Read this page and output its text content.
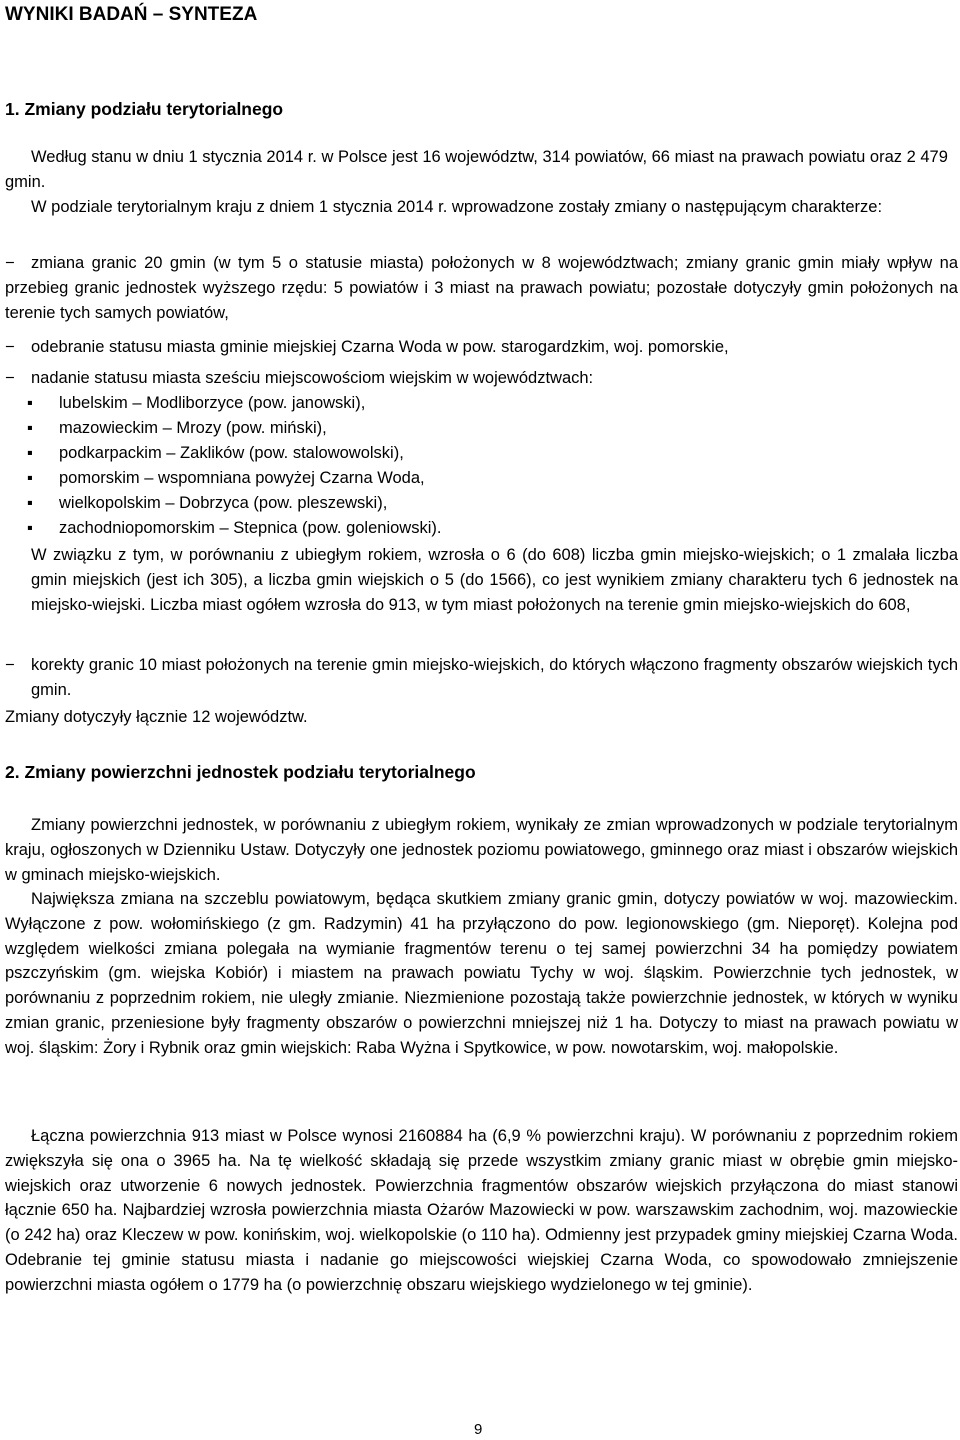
WYNIKI BADAŃ – SYNTEZA
1. Zmiany podziału terytorialnego

Według stanu w dniu 1 stycznia 2014 r. w Polsce jest 16 województw, 314 powiatów, 66 miast na prawach powiatu oraz 2 479 gmin.

W podziale terytorialnym kraju z dniem 1 stycznia 2014 r. wprowadzone zostały zmiany o następującym charakterze:

− zmiana granic 20 gmin (w tym 5 o statusie miasta) położonych w 8 województwach; zmiany granic gmin miały wpływ na przebieg granic jednostek wyższego rzędu: 5 powiatów i 3 miast na prawach powiatu; pozostałe dotyczyły gmin położonych na terenie tych samych powiatów,
− odebranie statusu miasta gminie miejskiej Czarna Woda w pow. starogardzkim, woj. pomorskie,
− nadanie statusu miasta sześciu miejscowościom wiejskim w województwach:
▪ lubelskim – Modliborzyce (pow. janowski),
▪ mazowieckim – Mrozy (pow. miński),
▪ podkarpackim – Zaklików (pow. stalowowolski),
▪ pomorskim – wspomniana powyżej Czarna Woda,
▪ wielkopolskim – Dobrzyca (pow. pleszewski),
▪ zachodniopomorskim – Stepnica (pow. goleniowski).

W związku z tym, w porównaniu z ubiegłym rokiem, wzrosła o 6 (do 608) liczba gmin miejsko-wiejskich; o 1 zmalała liczba gmin miejskich (jest ich 305), a liczba gmin wiejskich o 5 (do 1566), co jest wynikiem zmiany charakteru tych 6 jednostek na miejsko-wiejski. Liczba miast ogółem wzrosła do 913, w tym miast położonych na terenie gmin miejsko-wiejskich do 608,

− korekty granic 10 miast położonych na terenie gmin miejsko-wiejskich, do których włączono fragmenty obszarów wiejskich tych gmin.

Zmiany dotyczyły łącznie 12 województw.

2. Zmiany powierzchni jednostek podziału terytorialnego

Zmiany powierzchni jednostek, w porównaniu z ubiegłym rokiem, wynikały ze zmian wprowadzonych w podziale terytorialnym kraju, ogłoszonych w Dzienniku Ustaw. Dotyczyły one jednostek poziomu powiatowego, gminnego oraz miast i obszarów wiejskich w gminach miejsko-wiejskich.

Największa zmiana na szczeblu powiatowym, będąca skutkiem zmiany granic gmin, dotyczy powiatów w woj. mazowieckim. Wyłączone z pow. wołomińskiego (z gm. Radzymin) 41 ha przyłączono do pow. legionowskiego (gm. Nieporęt). Kolejna pod względem wielkości zmiana polegała na wymianie fragmentów terenu o tej samej powierzchni 34 ha pomiędzy powiatem pszczyńskim (gm. wiejska Kobiór) i miastem na prawach powiatu Tychy w woj. śląskim. Powierzchnie tych jednostek, w porównaniu z poprzednim rokiem, nie uległy zmianie. Niezmienione pozostają także powierzchnie jednostek, w których w wyniku zmian granic, przeniesione były fragmenty obszarów o powierzchni mniejszej niż 1 ha. Dotyczy to miast na prawach powiatu w woj. śląskim: Żory i Rybnik oraz gmin wiejskich: Raba Wyżna i Spytkowice, w pow. nowotarskim, woj. małopolskie.

Łączna powierzchnia 913 miast w Polsce wynosi 2160884 ha (6,9 % powierzchni kraju). W porównaniu z poprzednim rokiem zwiększyła się ona o 3965 ha. Na tę wielkość składają się przede wszystkim zmiany granic miast w obrębie gmin miejsko-wiejskich oraz utworzenie 6 nowych jednostek. Powierzchnia fragmentów obszarów wiejskich przyłączona do miast stanowi łącznie 650 ha. Najbardziej wzrosła powierzchnia miasta Ożarów Mazowiecki w pow. warszawskim zachodnim, woj. mazowieckie (o 242 ha) oraz Kleczew w pow. konińskim, woj. wielkopolskie (o 110 ha). Odmienny jest przypadek gminy miejskiej Czarna Woda. Odebranie tej gminie statusu miasta i nadanie go miejscowości wiejskiej Czarna Woda, co spowodowało zmniejszenie powierzchni miasta ogółem o 1779 ha (o powierzchnię obszaru wiejskiego wydzielonego w tej gminie).

9
